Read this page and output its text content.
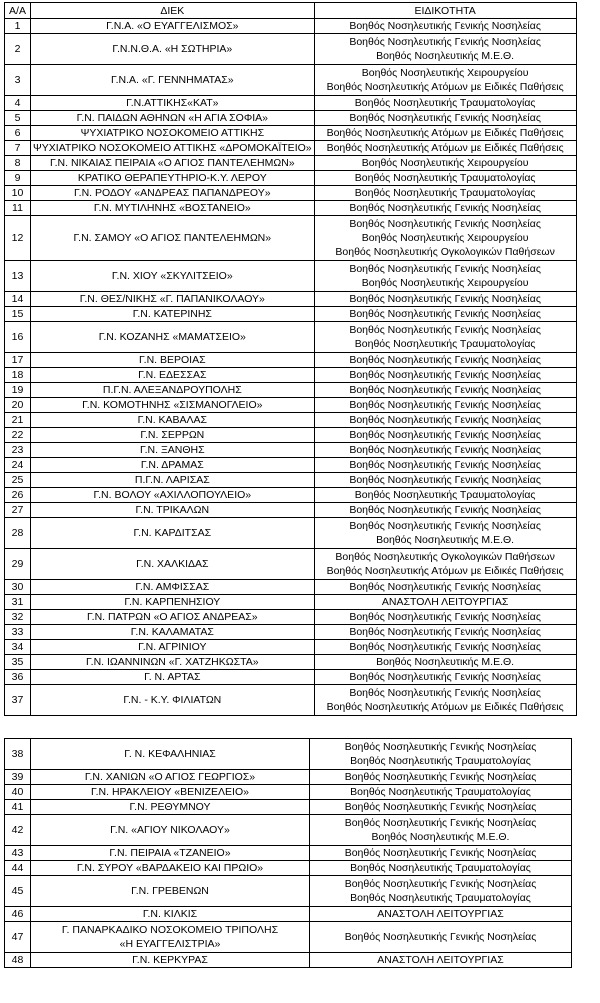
Α/Α	ΔΙΕΚ	ΕΙΔΙΚΟΤΗΤΑ
1	Γ.Ν.Α. «Ο ΕΥΑΓΓΕΛΙΣΜΟΣ»	Βοηθός Νοσηλευτικής Γενικής Νοσηλείας

2	Γ.Ν.Ν.Θ.Α. «Η ΣΩΤΗΡΙΑ»	Βοηθός Νοσηλευτικής Γενικής Νοσηλείας
Βοηθός Νοσηλευτικής Μ.Ε.Θ.

3	Γ.Ν.Α. «Γ. ΓΕΝΝΗΜΑΤΑΣ»	Βοηθός Νοσηλευτικής Χειρουργείου
Βοηθός Νοσηλευτικής Ατόμων με Ειδικές Παθήσεις

4	Γ.Ν.ΑΤΤΙΚΗΣ«ΚΑΤ»	Βοηθός Νοσηλευτικής Τραυματολογίας

5	Γ.Ν. ΠΑΙΔΩΝ ΑΘΗΝΩΝ «Η ΑΓΙΑ ΣΟΦΙΑ»	Βοηθός Νοσηλευτικής Γενικής Νοσηλείας

6	ΨΥΧΙΑΤΡΙΚΟ ΝΟΣΟΚΟΜΕΙΟ ΑΤΤΙΚΗΣ	Βοηθός Νοσηλευτικής Ατόμων με Ειδικές Παθήσεις

7	ΨΥΧΙΑΤΡΙΚΟ ΝΟΣΟΚΟΜΕΙΟ ΑΤΤΙΚΗΣ «ΔΡΟΜΟΚΑΪΤΕΙΟ»	Βοηθός Νοσηλευτικής Ατόμων με Ειδικές Παθήσεις

8	Γ.Ν. ΝΙΚΑΙΑΣ ΠΕΙΡΑΙΑ «Ο ΑΓΙΟΣ ΠΑΝΤΕΛΕΗΜΩΝ»	Βοηθός Νοσηλευτικής Χειρουργείου

9	ΚΡΑΤΙΚΟ ΘΕΡΑΠΕΥΤΗΡΙΟ-Κ.Υ. ΛΕΡΟΥ	Βοηθός Νοσηλευτικής Τραυματολογίας

10	Γ.Ν. ΡΟΔΟΥ «ΑΝΔΡΕΑΣ ΠΑΠΑΝΔΡΕΟΥ»	Βοηθός Νοσηλευτικής Τραυματολογίας

11	Γ.Ν. ΜΥΤΙΛΗΝΗΣ «ΒΟΣΤΑΝΕΙΟ»	Βοηθός Νοσηλευτικής Γενικής Νοσηλείας

12	Γ.Ν. ΣΑΜΟΥ «Ο ΑΓΙΟΣ ΠΑΝΤΕΛΕΗΜΩΝ»	Βοηθός Νοσηλευτικής Γενικής Νοσηλείας
Βοηθός Νοσηλευτικής Χειρουργείου
Βοηθός Νοσηλευτικής Ογκολογικών Παθήσεων

13	Γ.Ν. ΧΙΟΥ «ΣΚΥΛΙΤΣΕΙΟ»	Βοηθός Νοσηλευτικής Γενικής Νοσηλείας
Βοηθός Νοσηλευτικής Χειρουργείου

14	Γ.Ν. ΘΕΣ/ΝΙΚΗΣ «Γ. ΠΑΠΑΝΙΚΟΛΑΟΥ»	Βοηθός Νοσηλευτικής Γενικής Νοσηλείας

15	Γ.Ν. ΚΑΤΕΡΙΝΗΣ	Βοηθός Νοσηλευτικής Γενικής Νοσηλείας

16	Γ.Ν. ΚΟΖΑΝΗΣ «ΜΑΜΑΤΣΕΙΟ»	Βοηθός Νοσηλευτικής Γενικής Νοσηλείας
Βοηθός Νοσηλευτικής Τραυματολογίας

17	Γ.Ν. ΒΕΡΟΙΑΣ	Βοηθός Νοσηλευτικής Γενικής Νοσηλείας

18	Γ.Ν. ΕΔΕΣΣΑΣ	Βοηθός Νοσηλευτικής Γενικής Νοσηλείας

19	Π.Γ.Ν. ΑΛΕΞΑΝΔΡΟΥΠΟΛΗΣ	Βοηθός Νοσηλευτικής Γενικής Νοσηλείας

20	Γ.Ν. ΚΟΜΟΤΗΝΗΣ «ΣΙΣΜΑΝΟΓΛΕΙΟ»	Βοηθός Νοσηλευτικής Γενικής Νοσηλείας

21	Γ.Ν. ΚΑΒΑΛΑΣ	Βοηθός Νοσηλευτικής Γενικής Νοσηλείας

22	Γ.Ν. ΣΕΡΡΩΝ	Βοηθός Νοσηλευτικής Γενικής Νοσηλείας

23	Γ.Ν. ΞΑΝΘΗΣ	Βοηθός Νοσηλευτικής Γενικής Νοσηλείας

24	Γ.Ν. ΔΡΑΜΑΣ	Βοηθός Νοσηλευτικής Γενικής Νοσηλείας

25	Π.Γ.Ν. ΛΑΡΙΣΑΣ	Βοηθός Νοσηλευτικής Γενικής Νοσηλείας

26	Γ.Ν. ΒΟΛΟΥ «ΑΧΙΛΛΟΠΟΥΛΕΙΟ»	Βοηθός Νοσηλευτικής Τραυματολογίας

27	Γ.Ν. ΤΡΙΚΑΛΩΝ	Βοηθός Νοσηλευτικής Γενικής Νοσηλείας

28	Γ.Ν. ΚΑΡΔΙΤΣΑΣ	Βοηθός Νοσηλευτικής Γενικής Νοσηλείας
Βοηθός Νοσηλευτικής Μ.Ε.Θ.

29	Γ.Ν. ΧΑΛΚΙΔΑΣ	Βοηθός Νοσηλευτικής Ογκολογικών Παθήσεων
Βοηθός Νοσηλευτικής Ατόμων με Ειδικές Παθήσεις

30	Γ.Ν. ΑΜΦΙΣΣΑΣ	Βοηθός Νοσηλευτικής Γενικής Νοσηλείας

31	Γ.Ν. ΚΑΡΠΕΝΗΣΙΟΥ	ΑΝΑΣΤΟΛΗ ΛΕΙΤΟΥΡΓΙΑΣ

32	Γ.Ν. ΠΑΤΡΩΝ «Ο ΑΓΙΟΣ ΑΝΔΡΕΑΣ»	Βοηθός Νοσηλευτικής Γενικής Νοσηλείας

33	Γ.Ν. ΚΑΛΑΜΑΤΑΣ	Βοηθός Νοσηλευτικής Γενικής Νοσηλείας

34	Γ.Ν. ΑΓΡΙΝΙΟΥ	Βοηθός Νοσηλευτικής Γενικής Νοσηλείας

35	Γ.Ν. ΙΩΑΝΝΙΝΩΝ «Γ. ΧΑΤΖΗΚΩΣΤΑ»	Βοηθός Νοσηλευτικής Μ.Ε.Θ.

36	Γ. Ν. ΑΡΤΑΣ	Βοηθός Νοσηλευτικής Γενικής Νοσηλείας

37	Γ.Ν. - Κ.Υ. ΦΙΛΙΑΤΩΝ	Βοηθός Νοσηλευτικής Γενικής Νοσηλείας
Βοηθός Νοσηλευτικής Ατόμων με Ειδικές Παθήσεις
38	Γ. Ν. ΚΕΦΑΛΗΝΙΑΣ	Βοηθός Νοσηλευτικής Γενικής Νοσηλείας
Βοηθός Νοσηλευτικής Τραυματολογίας

39	Γ.Ν. ΧΑΝΙΩΝ «Ο ΑΓΙΟΣ ΓΕΩΡΓΙΟΣ»	Βοηθός Νοσηλευτικής Γενικής Νοσηλείας

40	Γ.Ν. ΗΡΑΚΛΕΙΟΥ «ΒΕΝΙΖΕΛΕΙΟ»	Βοηθός Νοσηλευτικής Τραυματολογίας

41	Γ.Ν. ΡΕΘΥΜΝΟΥ	Βοηθός Νοσηλευτικής Γενικής Νοσηλείας

42	Γ.Ν. «ΑΓΙΟΥ ΝΙΚΟΛΑΟΥ»	Βοηθός Νοσηλευτικής Γενικής Νοσηλείας
Βοηθός Νοσηλευτικής Μ.Ε.Θ.

43	Γ.Ν. ΠΕΙΡΑΙΑ «ΤΖΑΝΕΙΟ»	Βοηθός Νοσηλευτικής Γενικής Νοσηλείας

44	Γ.Ν. ΣΥΡΟΥ «ΒΑΡΔΑΚΕΙΟ ΚΑΙ ΠΡΩΙΟ»	Βοηθός Νοσηλευτικής Τραυματολογίας

45	Γ.Ν. ΓΡΕΒΕΝΩΝ	Βοηθός Νοσηλευτικής Γενικής Νοσηλείας
Βοηθός Νοσηλευτικής Τραυματολογίας

46	Γ.Ν. ΚΙΛΚΙΣ	ΑΝΑΣΤΟΛΗ ΛΕΙΤΟΥΡΓΙΑΣ

47	Γ. ΠΑΝΑΡΚΑΔΙΚΟ ΝΟΣΟΚΟΜΕΙΟ ΤΡΙΠΟΛΗΣ
«Η ΕΥΑΓΓΕΛΙΣΤΡΙΑ»	Βοηθός Νοσηλευτικής Γενικής Νοσηλείας

48	Γ.Ν. ΚΕΡΚΥΡΑΣ	ΑΝΑΣΤΟΛΗ ΛΕΙΤΟΥΡΓΙΑΣ
